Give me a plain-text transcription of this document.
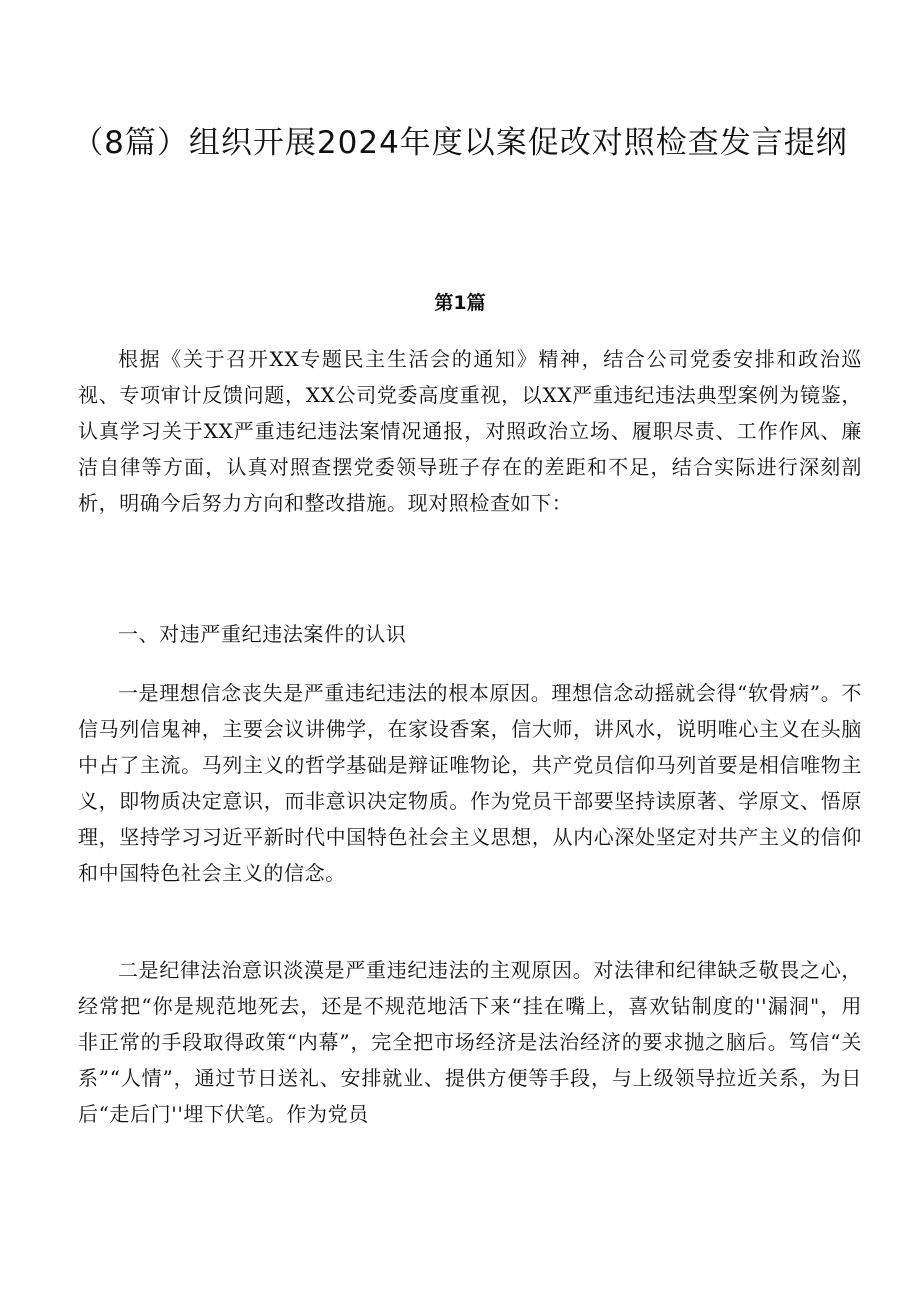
（8篇）组织开展2024年度以案促改对照检查发言提纲
第1篇

根据《关于召开XX专题民主生活会的通知》精神，结合公司党委安排和政治巡视、专项审计反馈问题，XX公司党委高度重视，以XX严重违纪违法典型案例为镜鉴，认真学习关于XX严重违纪违法案情况通报，对照政治立场、履职尽责、工作作风、廉洁自律等方面，认真对照查摆党委领导班子存在的差距和不足，结合实际进行深刻剖析，明确今后努力方向和整改措施。现对照检查如下：

一、对违严重纪违法案件的认识

一是理想信念丧失是严重违纪违法的根本原因。理想信念动摇就会得“软骨病”。不信马列信鬼神，主要会议讲佛学，在家设香案，信大师，讲风水，说明唯心主义在头脑中占了主流。马列主义的哲学基础是辩证唯物论，共产党员信仰马列首要是相信唯物主义，即物质决定意识，而非意识决定物质。作为党员干部要坚持读原著、学原文、悟原理，坚持学习习近平新时代中国特色社会主义思想，从内心深处坚定对共产主义的信仰和中国特色社会主义的信念。

二是纪律法治意识淡漠是严重违纪违法的主观原因。对法律和纪律缺乏敬畏之心，经常把“你是规范地死去，还是不规范地活下来“挂在嘴上，喜欢钻制度的''漏洞"，用非正常的手段取得政策“内幕”，完全把市场经济是法治经济的要求抛之脑后。笃信“关系”“人情”，通过节日送礼、安排就业、提供方便等手段，与上级领导拉近关系，为日后“走后门''埋下伏笔。作为党员
